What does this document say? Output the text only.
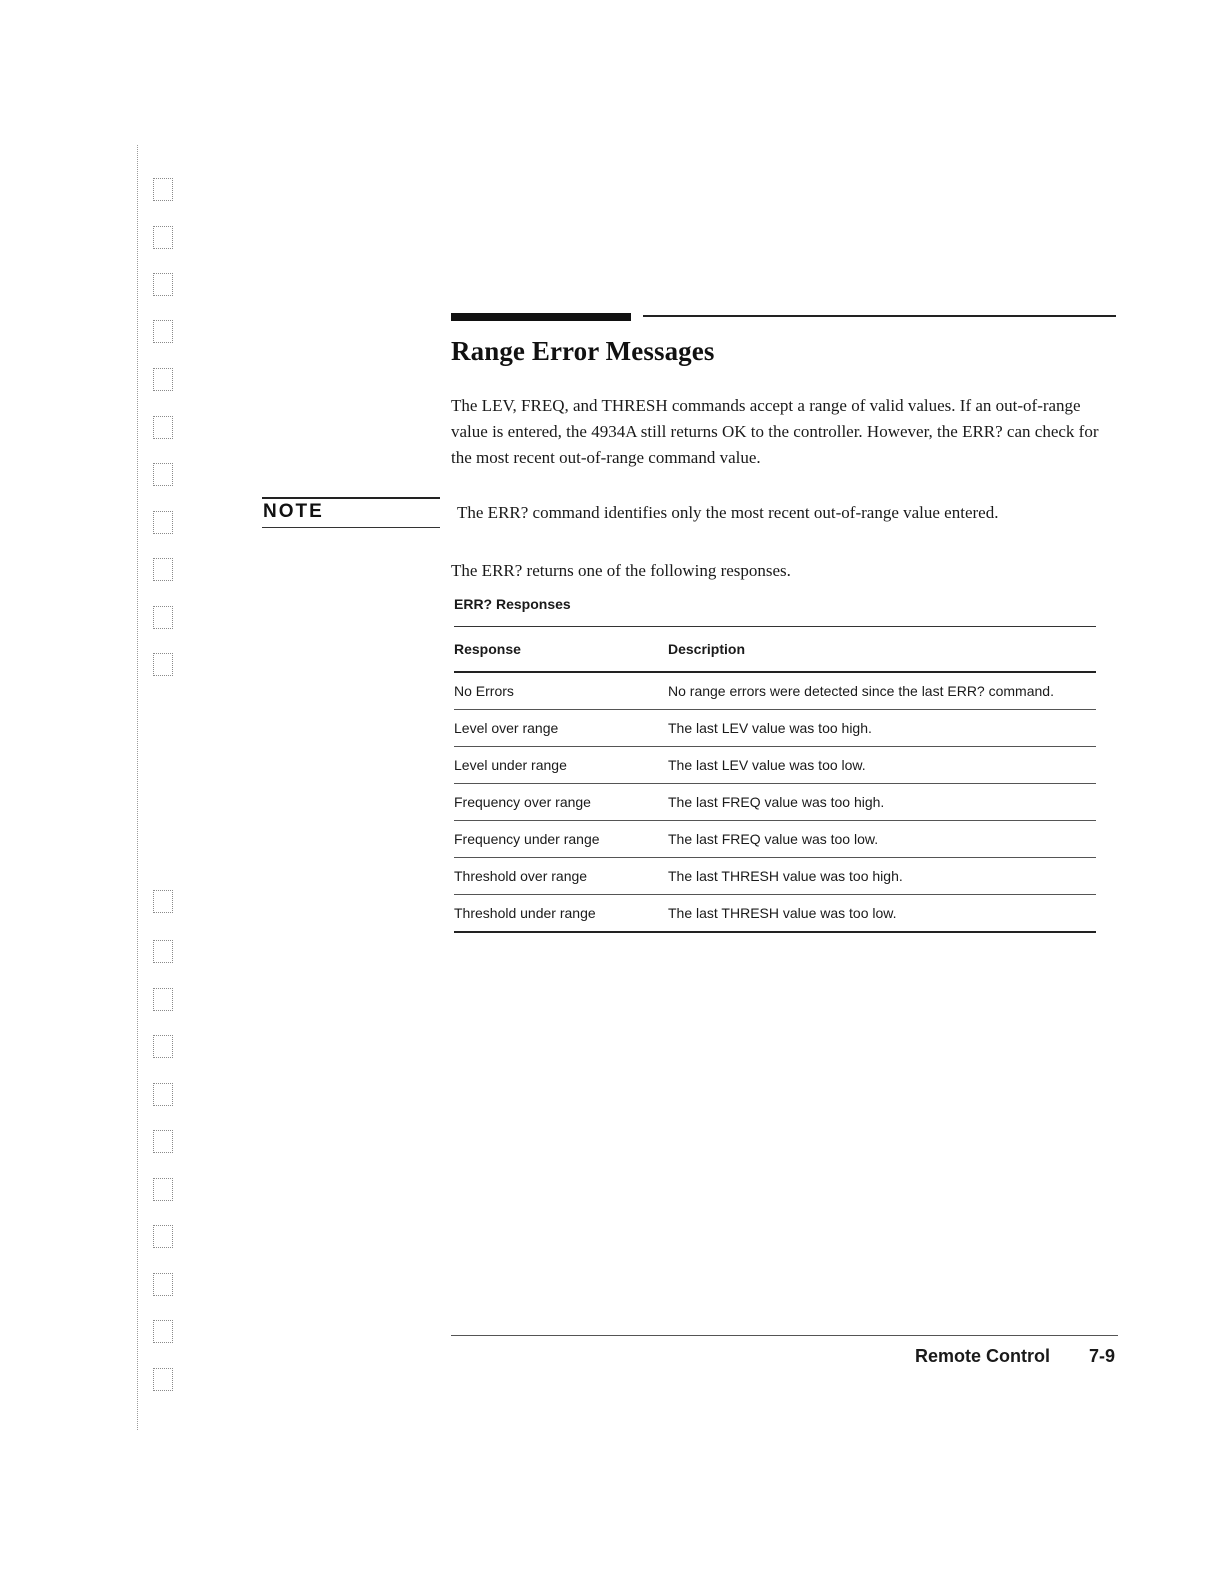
Range Error Messages

The LEV, FREQ, and THRESH commands accept a range of valid values. If an out-of-range value is entered, the 4934A still returns OK to the controller. However, the ERR? can check for the most recent out-of-range command value.

NOTE	The ERR? command identifies only the most recent out-of-range value entered.

The ERR? returns one of the following responses.

ERR? Responses
Response	Description
No Errors	No range errors were detected since the last ERR? command.
Level over range	The last LEV value was too high.
Level under range	The last LEV value was too low.
Frequency over range	The last FREQ value was too high.
Frequency under range	The last FREQ value was too low.
Threshold over range	The last THRESH value was too high.
Threshold under range	The last THRESH value was too low.
Remote Control 7-9
